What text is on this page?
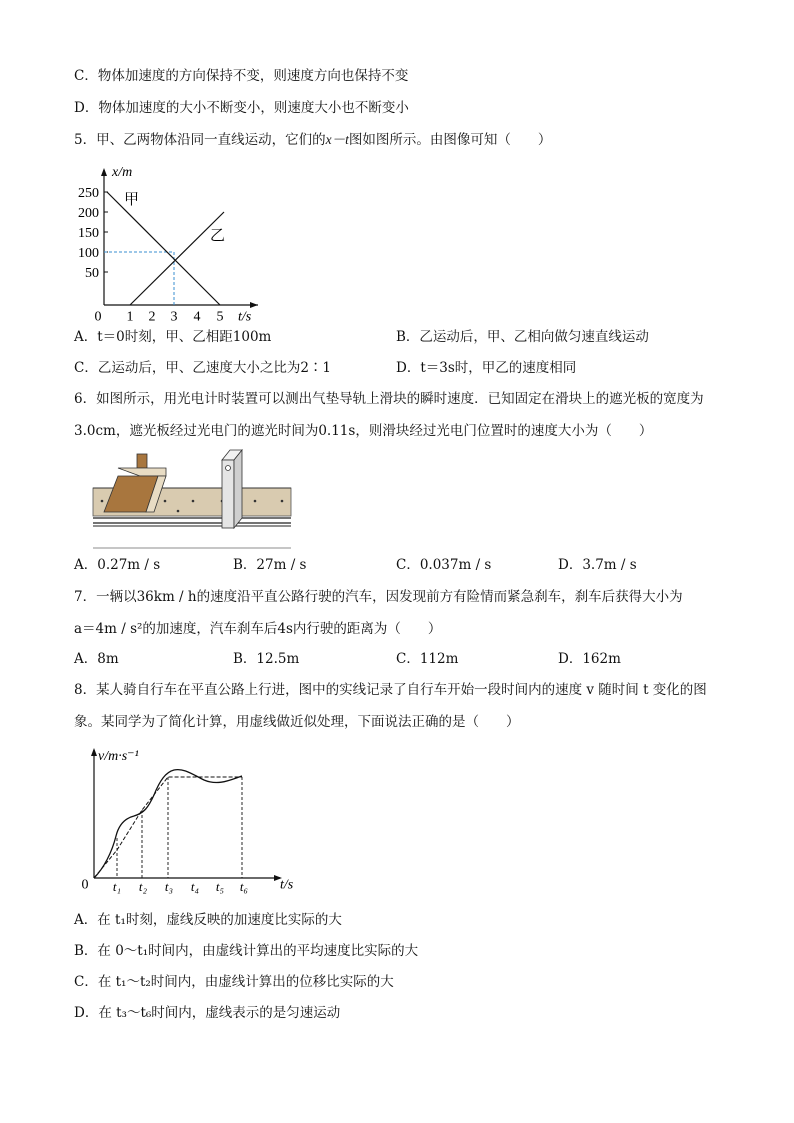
C．物体加速度的方向保持不变，则速度方向也保持不变
D．物体加速度的大小不断变小，则速度大小也不断变小
5．甲、乙两物体沿同一直线运动，它们的x－t图如图所示。由图像可知（　　）
250
200
150
100
50
1 2 3 4 5
0	t/s
x/m
甲
乙
A．t＝0时刻，甲、乙相距100m	B．乙运动后，甲、乙相向做匀速直线运动
C．乙运动后，甲、乙速度大小之比为2∶1	D．t＝3s时，甲乙的速度相同
6．如图所示，用光电计时装置可以测出气垫导轨上滑块的瞬时速度．已知固定在滑块上的遮光板的宽度为
3.0cm，遮光板经过光电门的遮光时间为0.11s，则滑块经过光电门位置时的速度大小为（　　）
A．0.27m / s	B．27m / s	C．0.037m / s	D．3.7m / s
7．一辆以36km / h的速度沿平直公路行驶的汽车，因发现前方有险情而紧急刹车，刹车后获得大小为
a＝4m / s²的加速度，汽车刹车后4s内行驶的距离为（　　）
A．8m	B．12.5m	C．112m	D．162m
8．某人骑自行车在平直公路上行进，图中的实线记录了自行车开始一段时间内的速度 v 随时间 t 变化的图
象。某同学为了简化计算，用虚线做近似处理，下面说法正确的是（　　）
v/m·s⁻¹
t/s
0 t₁ t₂ t₃ t₄ t₅ t₆
A．在 t₁时刻，虚线反映的加速度比实际的大
B．在 0～t₁时间内，由虚线计算出的平均速度比实际的大
C．在 t₁～t₂时间内，由虚线计算出的位移比实际的大
D．在 t₃～t₆时间内，虚线表示的是匀速运动
